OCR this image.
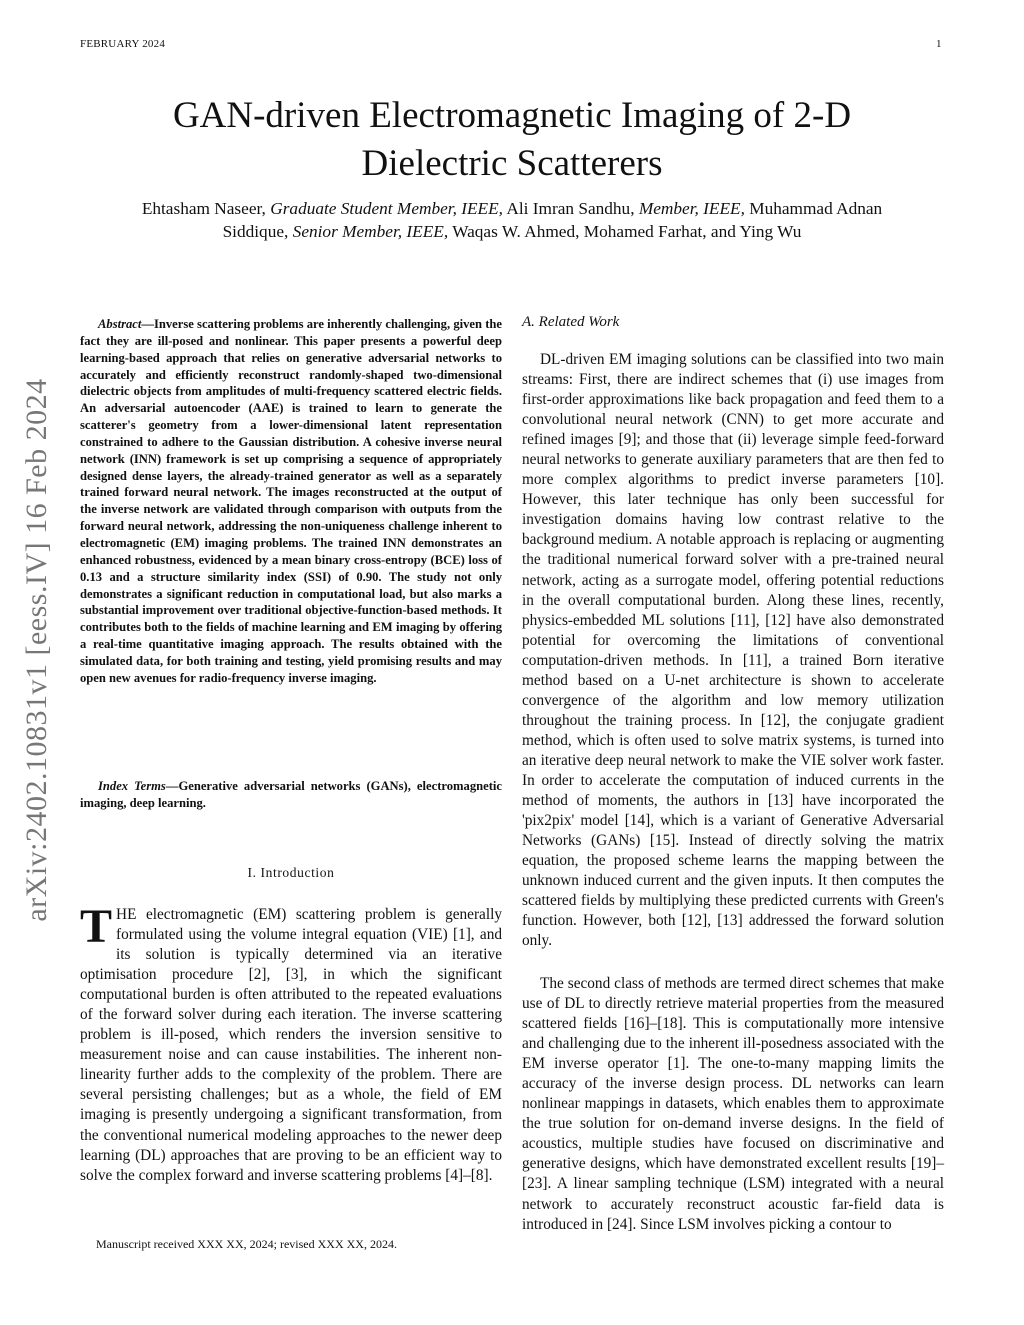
FEBRUARY 2024	1
arXiv:2402.10831v1 [eess.IV] 16 Feb 2024
GAN-driven Electromagnetic Imaging of 2-D Dielectric Scatterers
Ehtasham Naseer, Graduate Student Member, IEEE, Ali Imran Sandhu, Member, IEEE, Muhammad Adnan Siddique, Senior Member, IEEE, Waqas W. Ahmed, Mohamed Farhat, and Ying Wu

Abstract—Inverse scattering problems are inherently challenging, given the fact they are ill-posed and nonlinear. This paper presents a powerful deep learning-based approach that relies on generative adversarial networks to accurately and efficiently reconstruct randomly-shaped two-dimensional dielectric objects from amplitudes of multi-frequency scattered electric fields. An adversarial autoencoder (AAE) is trained to learn to generate the scatterer's geometry from a lower-dimensional latent representation constrained to adhere to the Gaussian distribution. A cohesive inverse neural network (INN) framework is set up comprising a sequence of appropriately designed dense layers, the already-trained generator as well as a separately trained forward neural network. The images reconstructed at the output of the inverse network are validated through comparison with outputs from the forward neural network, addressing the non-uniqueness challenge inherent to electromagnetic (EM) imaging problems. The trained INN demonstrates an enhanced robustness, evidenced by a mean binary cross-entropy (BCE) loss of 0.13 and a structure similarity index (SSI) of 0.90. The study not only demonstrates a significant reduction in computational load, but also marks a substantial improvement over traditional objective-function-based methods. It contributes both to the fields of machine learning and EM imaging by offering a real-time quantitative imaging approach. The results obtained with the simulated data, for both training and testing, yield promising results and may open new avenues for radio-frequency inverse imaging.

Index Terms—Generative adversarial networks (GANs), electromagnetic imaging, deep learning.
I. Introduction
THE electromagnetic (EM) scattering problem is generally formulated using the volume integral equation (VIE) [1], and its solution is typically determined via an iterative optimisation procedure [2], [3], in which the significant computational burden is often attributed to the repeated evaluations of the forward solver during each iteration. The inverse scattering problem is ill-posed, which renders the inversion sensitive to measurement noise and can cause instabilities. The inherent non-linearity further adds to the complexity of the problem. There are several persisting challenges; but as a whole, the field of EM imaging is presently undergoing a significant transformation, from the conventional numerical modeling approaches to the newer deep learning (DL) approaches that are proving to be an efficient way to solve the complex forward and inverse scattering problems [4]–[8].
Manuscript received XXX XX, 2024; revised XXX XX, 2024.
A. Related Work
DL-driven EM imaging solutions can be classified into two main streams: First, there are indirect schemes that (i) use images from first-order approximations like back propagation and feed them to a convolutional neural network (CNN) to get more accurate and refined images [9]; and those that (ii) leverage simple feed-forward neural networks to generate auxiliary parameters that are then fed to more complex algorithms to predict inverse parameters [10]. However, this later technique has only been successful for investigation domains having low contrast relative to the background medium. A notable approach is replacing or augmenting the traditional numerical forward solver with a pre-trained neural network, acting as a surrogate model, offering potential reductions in the overall computational burden. Along these lines, recently, physics-embedded ML solutions [11], [12] have also demonstrated potential for overcoming the limitations of conventional computation-driven methods. In [11], a trained Born iterative method based on a U-net architecture is shown to accelerate convergence of the algorithm and low memory utilization throughout the training process. In [12], the conjugate gradient method, which is often used to solve matrix systems, is turned into an iterative deep neural network to make the VIE solver work faster. In order to accelerate the computation of induced currents in the method of moments, the authors in [13] have incorporated the 'pix2pix' model [14], which is a variant of Generative Adversarial Networks (GANs) [15]. Instead of directly solving the matrix equation, the proposed scheme learns the mapping between the unknown induced current and the given inputs. It then computes the scattered fields by multiplying these predicted currents with Green's function. However, both [12], [13] addressed the forward solution only.
The second class of methods are termed direct schemes that make use of DL to directly retrieve material properties from the measured scattered fields [16]–[18]. This is computationally more intensive and challenging due to the inherent ill-posedness associated with the EM inverse operator [1]. The one-to-many mapping limits the accuracy of the inverse design process. DL networks can learn nonlinear mappings in datasets, which enables them to approximate the true solution for on-demand inverse designs. In the field of acoustics, multiple studies have focused on discriminative and generative designs, which have demonstrated excellent results [19]–[23]. A linear sampling technique (LSM) integrated with a neural network to accurately reconstruct acoustic far-field data is introduced in [24]. Since LSM involves picking a contour to
